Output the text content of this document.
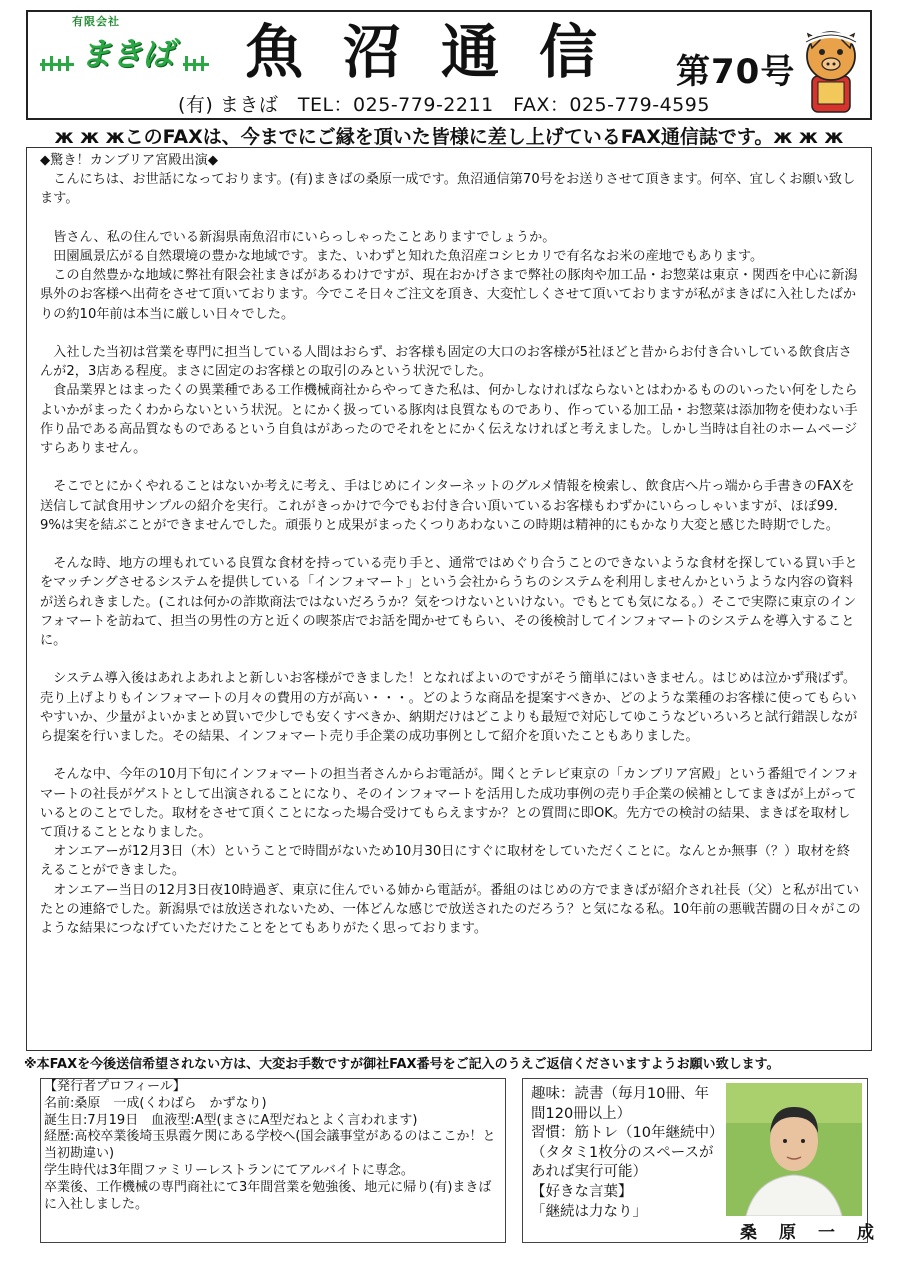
有限会社
まきば 魚沼通信 第70号
(有) まきば　TEL：025-779-2211　FAX：025-779-4595
ж ж жこのFAXは、今までにご縁を頂いた皆様に差し上げているFAX通信誌です。ж ж ж

◆驚き！カンブリア宮殿出演◆

　こんにちは、お世話になっております。(有)まきばの桑原一成です。魚沼通信第70号をお送りさせて頂きます。何卒、宜しくお願い致します。

　皆さん、私の住んでいる新潟県南魚沼市にいらっしゃったことありますでしょうか。

　田園風景広がる自然環境の豊かな地域です。また、いわずと知れた魚沼産コシヒカリで有名なお米の産地でもあります。

　この自然豊かな地域に弊社有限会社まきばがあるわけですが、現在おかげさまで弊社の豚肉や加工品・お惣菜は東京・関西を中心に新潟県外のお客様へ出荷をさせて頂いております。今でこそ日々ご注文を頂き、大変忙しくさせて頂いておりますが私がまきばに入社したばかりの約10年前は本当に厳しい日々でした。

　入社した当初は営業を専門に担当している人間はおらず、お客様も固定の大口のお客様が5社ほどと昔からお付き合いしている飲食店さんが2，3店ある程度。まさに固定のお客様との取引のみという状況でした。

　食品業界とはまったくの異業種である工作機械商社からやってきた私は、何かしなければならないとはわかるもののいったい何をしたらよいかがまったくわからないという状況。とにかく扱っている豚肉は良質なものであり、作っている加工品・お惣菜は添加物を使わない手作り品である高品質なものであるという自負はがあったのでそれをとにかく伝えなければと考えました。しかし当時は自社のホームページすらありません。

　そこでとにかくやれることはないか考えに考え、手はじめにインターネットのグルメ情報を検索し、飲食店へ片っ端から手書きのFAXを送信して試食用サンプルの紹介を実行。これがきっかけで今でもお付き合い頂いているお客様もわずかにいらっしゃいますが、ほぼ99．9%は実を結ぶことができませんでした。頑張りと成果がまったくつりあわないこの時期は精神的にもかなり大変と感じた時期でした。

　そんな時、地方の埋もれている良質な食材を持っている売り手と、通常ではめぐり合うことのできないような食材を探している買い手とをマッチングさせるシステムを提供している「インフォマート」という会社からうちのシステムを利用しませんかというような内容の資料が送られきました。(これは何かの詐欺商法ではないだろうか？気をつけないといけない。でもとても気になる。）そこで実際に東京のインフォマートを訪ねて、担当の男性の方と近くの喫茶店でお話を聞かせてもらい、その後検討してインフォマートのシステムを導入することに。

　システム導入後はあれよあれよと新しいお客様ができました！となればよいのですがそう簡単にはいきません。はじめは泣かず飛ばず。売り上げよりもインフォマートの月々の費用の方が高い・・・。どのような商品を提案すべきか、どのような業種のお客様に使ってもらいやすいか、少量がよいかまとめ買いで少しでも安くすべきか、納期だけはどこよりも最短で対応してゆこうなどいろいろと試行錯誤しながら提案を行いました。その結果、インフォマート売り手企業の成功事例として紹介を頂いたこともありました。

　そんな中、今年の10月下旬にインフォマートの担当者さんからお電話が。聞くとテレビ東京の「カンブリア宮殿」という番組でインフォマートの社長がゲストとして出演されることになり、そのインフォマートを活用した成功事例の売り手企業の候補としてまきばが上がっているとのことでした。取材をさせて頂くことになった場合受けてもらえますか？との質問に即OK。先方での検討の結果、まきばを取材して頂けることとなりました。

　オンエアーが12月3日（木）ということで時間がないため10月30日にすぐに取材をしていただくことに。なんとか無事（？）取材を終えることができました。

　オンエアー当日の12月3日夜10時過ぎ、東京に住んでいる姉から電話が。番組のはじめの方でまきばが紹介され社長（父）と私が出ていたとの連絡でした。新潟県では放送されないため、一体どんな感じで放送されたのだろう？と気になる私。10年前の悪戦苦闘の日々がこのような結果につなげていただけたことをとてもありがたく思っております。

※本FAXを今後送信希望されない方は、大変お手数ですが御社FAX番号をご記入のうえご返信くださいますようお願い致します。

【発行者プロフィール】

名前:桑原　一成(くわばら　かずなり)

誕生日:7月19日　血液型:A型(まさにA型だねとよく言われます)

経歴:高校卒業後埼玉県霞ケ関にある学校へ(国会議事堂があるのはここか！と当初勘違い)

学生時代は3年間ファミリーレストランにてアルバイトに専念。

卒業後、工作機械の専門商社にて3年間営業を勉強後、地元に帰り(有)まきばに入社しました。

趣味：読書（毎月10冊、年間120冊以上）

習慣：筋トレ（10年継続中）（タタミ1枚分のスペースがあれば実行可能）

【好きな言葉】

「継続は力なり」

桑原一成
